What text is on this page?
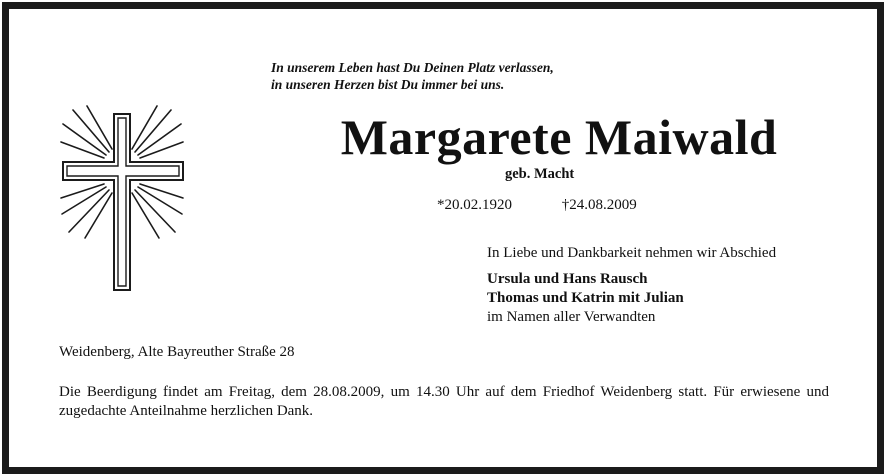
In unserem Leben hast Du Deinen Platz verlassen,
in unseren Herzen bist Du immer bei uns.
Margarete Maiwald
geb. Macht
*20.02.1920	†24.08.2009
In Liebe und Dankbarkeit nehmen wir Abschied
Ursula und Hans Rausch
Thomas und Katrin mit Julian
im Namen aller Verwandten
Weidenberg, Alte Bayreuther Straße 28
Die Beerdigung findet am Freitag, dem 28.08.2009, um 14.30 Uhr auf dem Friedhof Weidenberg statt. Für erwiesene und zugedachte Anteilnahme herzlichen Dank.
